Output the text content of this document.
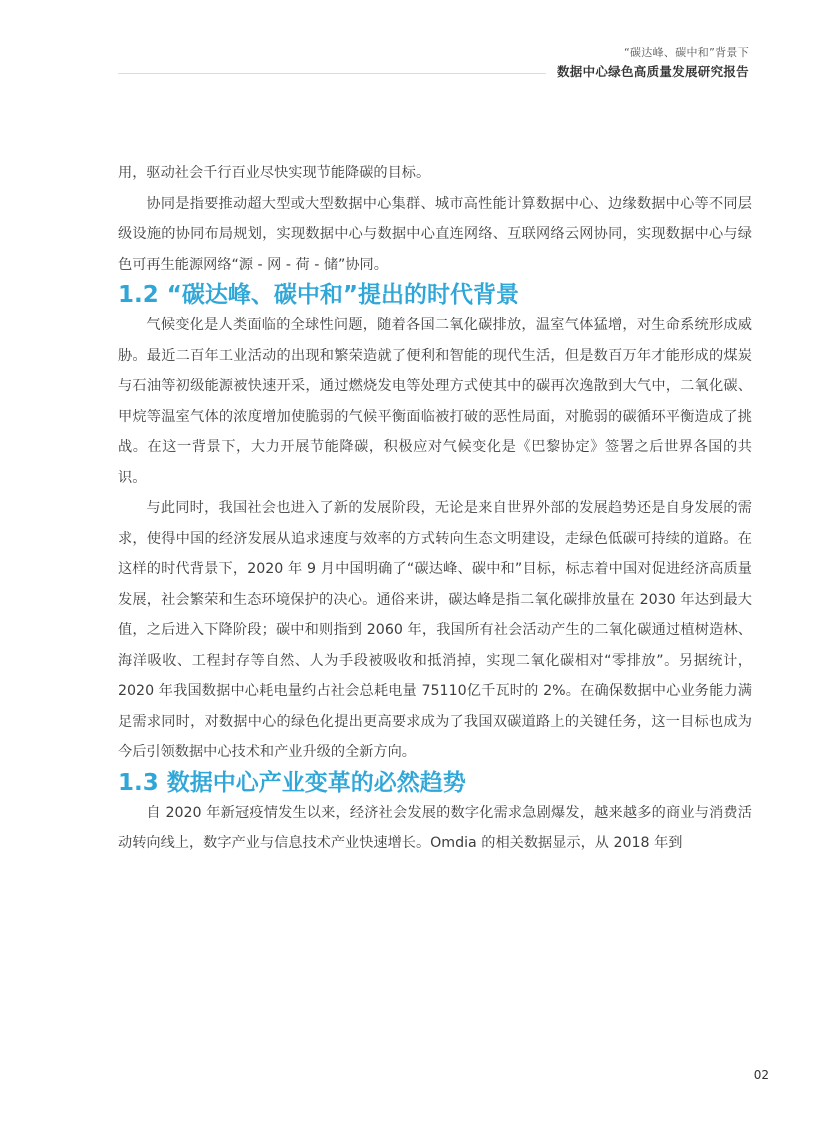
“碳达峰、碳中和”背景下
数据中心绿色高质量发展研究报告

用，驱动社会千行百业尽快实现节能降碳的目标。

协同是指要推动超大型或大型数据中心集群、城市高性能计算数据中心、边缘数据中心等不同层级设施的协同布局规划，实现数据中心与数据中心直连网络、互联网络云网协同，实现数据中心与绿色可再生能源网络“源 - 网 - 荷 - 储”协同。

1.2 “碳达峰、碳中和”提出的时代背景

气候变化是人类面临的全球性问题，随着各国二氧化碳排放，温室气体猛增，对生命系统形成威胁。最近二百年工业活动的出现和繁荣造就了便利和智能的现代生活，但是数百万年才能形成的煤炭与石油等初级能源被快速开采，通过燃烧发电等处理方式使其中的碳再次逸散到大气中，二氧化碳、甲烷等温室气体的浓度增加使脆弱的气候平衡面临被打破的恶性局面，对脆弱的碳循环平衡造成了挑战。在这一背景下，大力开展节能降碳，积极应对气候变化是《巴黎协定》签署之后世界各国的共识。

与此同时，我国社会也进入了新的发展阶段，无论是来自世界外部的发展趋势还是自身发展的需求，使得中国的经济发展从追求速度与效率的方式转向生态文明建设，走绿色低碳可持续的道路。在这样的时代背景下，2020 年 9 月中国明确了“碳达峰、碳中和”目标，标志着中国对促进经济高质量发展，社会繁荣和生态环境保护的决心。通俗来讲，碳达峰是指二氧化碳排放量在 2030 年达到最大值，之后进入下降阶段；碳中和则指到 2060 年，我国所有社会活动产生的二氧化碳通过植树造林、海洋吸收、工程封存等自然、人为手段被吸收和抵消掉，实现二氧化碳相对“零排放”。另据统计，2020 年我国数据中心耗电量约占社会总耗电量 75110亿千瓦时的 2%。在确保数据中心业务能力满足需求同时，对数据中心的绿色化提出更高要求成为了我国双碳道路上的关键任务，这一目标也成为今后引领数据中心技术和产业升级的全新方向。

1.3 数据中心产业变革的必然趋势

自 2020 年新冠疫情发生以来，经济社会发展的数字化需求急剧爆发，越来越多的商业与消费活动转向线上，数字产业与信息技术产业快速增长。Omdia 的相关数据显示，从 2018 年到

02
